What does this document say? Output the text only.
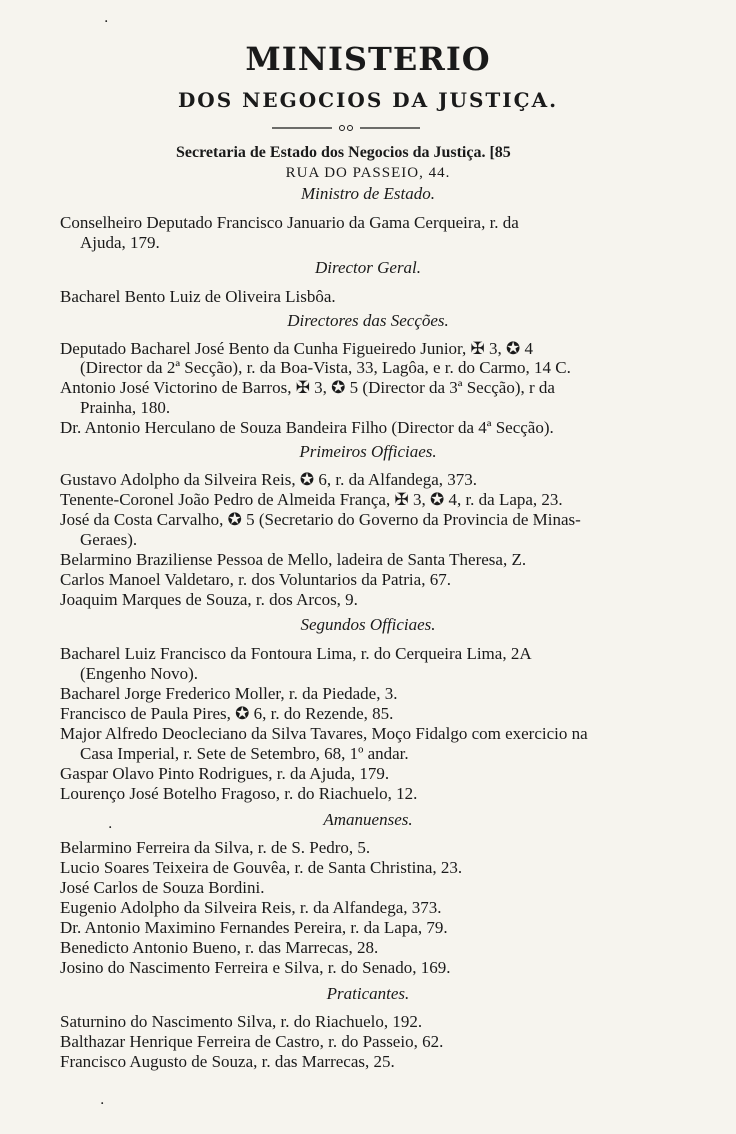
MINISTERIO
DOS NEGOCIOS DA JUSTIÇA.
Secretaria de Estado dos Negocios da Justiça. [85
RUA DO PASSEIO, 44.
Ministro de Estado.
Conselheiro Deputado Francisco Januario da Gama Cerqueira, r. da
Ajuda, 179.
Director Geral.
Bacharel Bento Luiz de Oliveira Lisbôa.
Directores das Secções.
Deputado Bacharel José Bento da Cunha Figueiredo Junior, ✠ 3, ✪ 4
(Director da 2ª Secção), r. da Boa-Vista, 33, Lagôa, e r. do Carmo, 14 C.
Antonio José Victorino de Barros, ✠ 3, ✪ 5 (Director da 3ª Secção), r da
Prainha, 180.
Dr. Antonio Herculano de Souza Bandeira Filho (Director da 4ª Secção).
Primeiros Officiaes.
Gustavo Adolpho da Silveira Reis, ✪ 6, r. da Alfandega, 373.
Tenente-Coronel João Pedro de Almeida França, ✠ 3, ✪ 4, r. da Lapa, 23.
José da Costa Carvalho, ✪ 5 (Secretario do Governo da Provincia de Minas-
Geraes).
Belarmino Braziliense Pessoa de Mello, ladeira de Santa Theresa, Z.
Carlos Manoel Valdetaro, r. dos Voluntarios da Patria, 67.
Joaquim Marques de Souza, r. dos Arcos, 9.
Segundos Officiaes.
Bacharel Luiz Francisco da Fontoura Lima, r. do Cerqueira Lima, 2A
(Engenho Novo).
Bacharel Jorge Frederico Moller, r. da Piedade, 3.
Francisco de Paula Pires, ✪ 6, r. do Rezende, 85.
Major Alfredo Deocleciano da Silva Tavares, Moço Fidalgo com exercicio na
Casa Imperial, r. Sete de Setembro, 68, 1º andar.
Gaspar Olavo Pinto Rodrigues, r. da Ajuda, 179.
Lourenço José Botelho Fragoso, r. do Riachuelo, 12.
Amanuenses.
Belarmino Ferreira da Silva, r. de S. Pedro, 5.
Lucio Soares Teixeira de Gouvêa, r. de Santa Christina, 23.
José Carlos de Souza Bordini.
Eugenio Adolpho da Silveira Reis, r. da Alfandega, 373.
Dr. Antonio Maximino Fernandes Pereira, r. da Lapa, 79.
Benedicto Antonio Bueno, r. das Marrecas, 28.
Josino do Nascimento Ferreira e Silva, r. do Senado, 169.
Praticantes.
Saturnino do Nascimento Silva, r. do Riachuelo, 192.
Balthazar Henrique Ferreira de Castro, r. do Passeio, 62.
Francisco Augusto de Souza, r. das Marrecas, 25.
·
·
·
